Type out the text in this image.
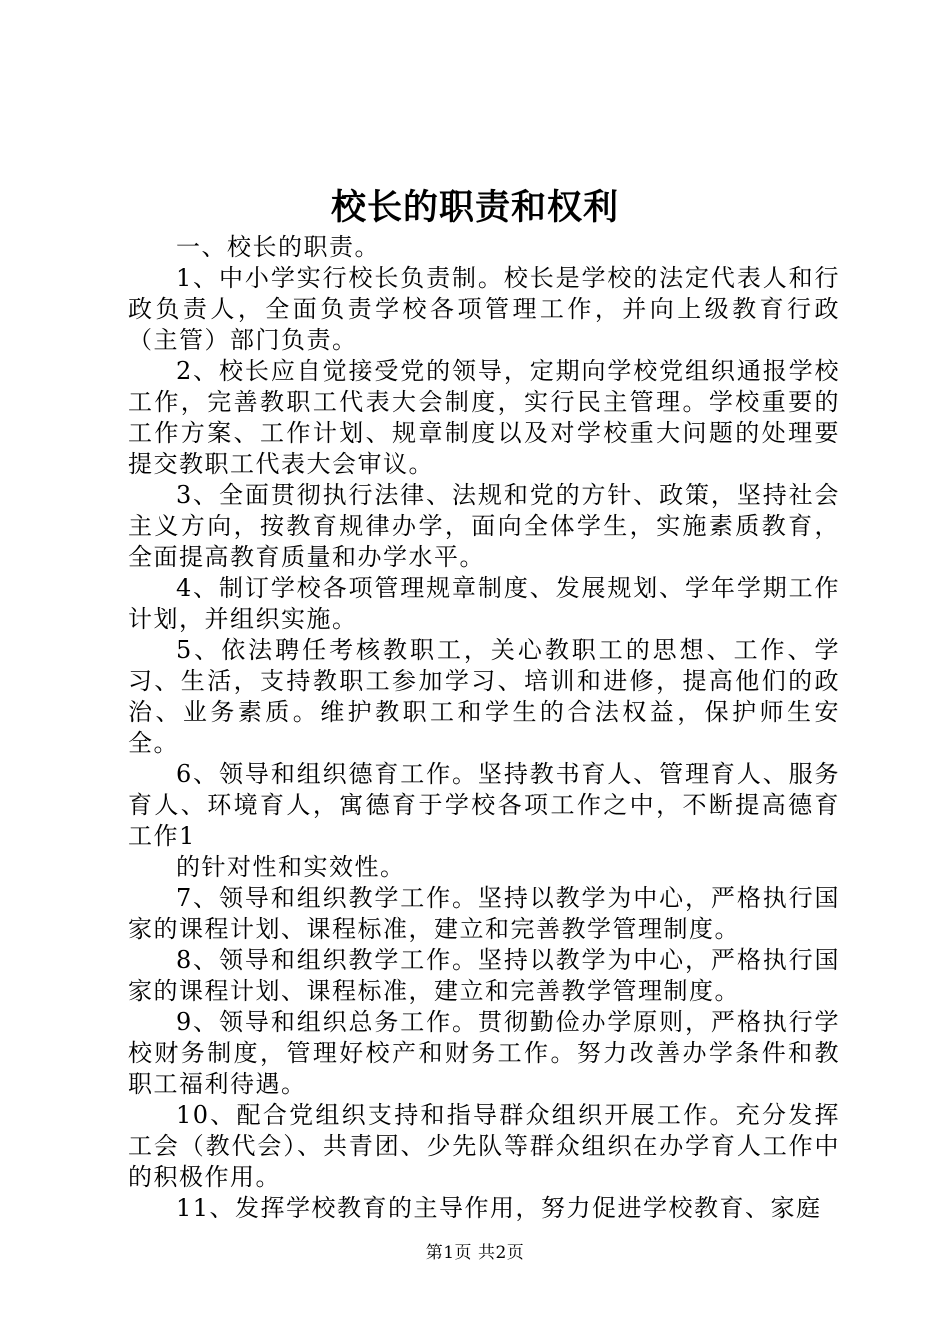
校长的职责和权利

一、校长的职责。

1、中小学实行校长负责制。校长是学校的法定代表人和行政负责人，全面负责学校各项管理工作，并向上级教育行政（主管）部门负责。

2、校长应自觉接受党的领导，定期向学校党组织通报学校工作，完善教职工代表大会制度，实行民主管理。学校重要的工作方案、工作计划、规章制度以及对学校重大问题的处理要提交教职工代表大会审议。

3、全面贯彻执行法律、法规和党的方针、政策，坚持社会主义方向，按教育规律办学，面向全体学生，实施素质教育，全面提高教育质量和办学水平。

4、制订学校各项管理规章制度、发展规划、学年学期工作计划，并组织实施。

5、依法聘任考核教职工，关心教职工的思想、工作、学习、生活，支持教职工参加学习、培训和进修，提高他们的政治、业务素质。维护教职工和学生的合法权益，保护师生安全。

6、领导和组织德育工作。坚持教书育人、管理育人、服务育人、环境育人，寓德育于学校各项工作之中，不断提高德育工作1

的针对性和实效性。

7、领导和组织教学工作。坚持以教学为中心，严格执行国家的课程计划、课程标准，建立和完善教学管理制度。

8、领导和组织教学工作。坚持以教学为中心，严格执行国家的课程计划、课程标准，建立和完善教学管理制度。

9、领导和组织总务工作。贯彻勤俭办学原则，严格执行学校财务制度，管理好校产和财务工作。努力改善办学条件和教职工福利待遇。

10、配合党组织支持和指导群众组织开展工作。充分发挥工会（教代会）、共青团、少先队等群众组织在办学育人工作中的积极作用。

11、发挥学校教育的主导作用，努力促进学校教育、家庭

第1页 共2页
